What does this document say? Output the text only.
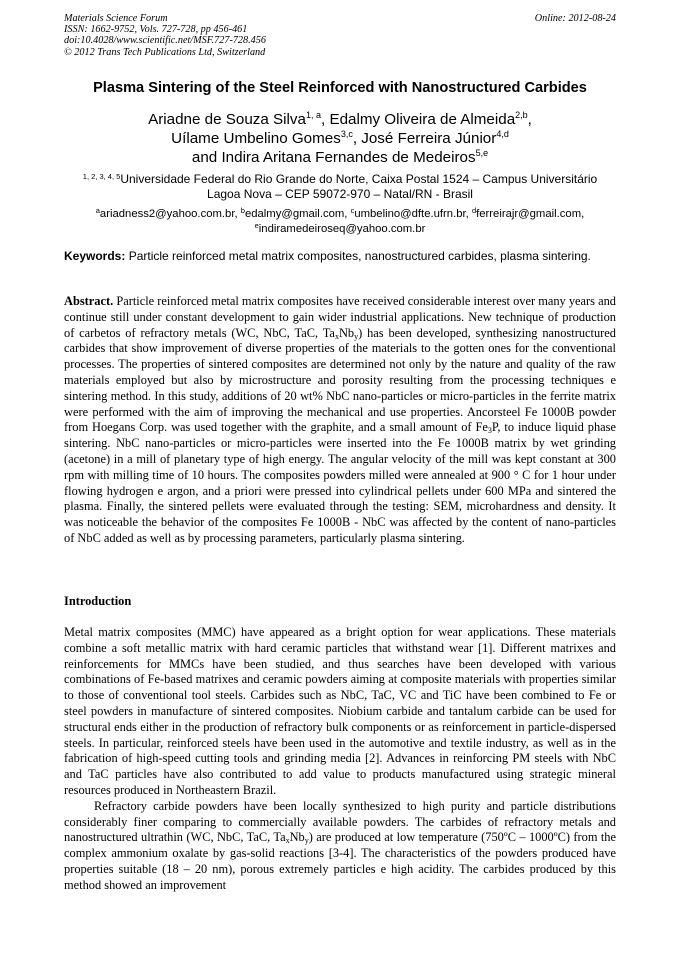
Materials Science Forum
ISSN: 1662-9752, Vols. 727-728, pp 456-461
doi:10.4028/www.scientific.net/MSF.727-728.456
© 2012 Trans Tech Publications Ltd, Switzerland
Online: 2012-08-24
Plasma Sintering of the Steel Reinforced with Nanostructured Carbides
Ariadne de Souza Silva$^{1, a}$, Edalmy Oliveira de Almeida$^{2,b}$,
Uílame Umbelino Gomes$^{3,c}$, José Ferreira Júnior$^{4,d}$
and Indira Aritana Fernandes de Medeiros$^{5,e}$
$^{1, 2, 3, 4, 5}$Universidade Federal do Rio Grande do Norte, Caixa Postal 1524 – Campus Universitário
Lagoa Nova – CEP 59072-970 – Natal/RN - Brasil
$^a$ariadness2@yahoo.com.br, $^b$edalmy@gmail.com, $^c$umbelino@dfte.ufrn.br, $^d$ferreirajr@gmail.com,
$^e$indiramedeiroseq@yahoo.com.br
Keywords: Particle reinforced metal matrix composites, nanostructured carbides, plasma sintering.
Abstract. Particle reinforced metal matrix composites have received considerable interest over many years and continue still under constant development to gain wider industrial applications. New technique of production of carbetos of refractory metals (WC, NbC, TaC, $Ta_xNb_y$) has been developed, synthesizing nanostructured carbides that show improvement of diverse properties of the materials to the gotten ones for the conventional processes. The properties of sintered composites are determined not only by the nature and quality of the raw materials employed but also by microstructure and porosity resulting from the processing techniques e sintering method. In this study, additions of 20 wt% NbC nano-particles or micro-particles in the ferrite matrix were performed with the aim of improving the mechanical and use properties. Ancorsteel Fe 1000B powder from Hoegans Corp. was used together with the graphite, and a small amount of $Fe_3P$, to induce liquid phase sintering. NbC nano-particles or micro-particles were inserted into the Fe 1000B matrix by wet grinding (acetone) in a mill of planetary type of high energy. The angular velocity of the mill was kept constant at 300 rpm with milling time of 10 hours. The composites powders milled were annealed at 900 ° C for 1 hour under flowing hydrogen e argon, and a priori were pressed into cylindrical pellets under 600 MPa and sintered the plasma. Finally, the sintered pellets were evaluated through the testing: SEM, microhardness and density. It was noticeable the behavior of the composites Fe 1000B - NbC was affected by the content of nano-particles of NbC added as well as by processing parameters, particularly plasma sintering.
Introduction

Metal matrix composites (MMC) have appeared as a bright option for wear applications. These materials combine a soft metallic matrix with hard ceramic particles that withstand wear [1]. Different matrixes and reinforcements for MMCs have been studied, and thus searches have been developed with various combinations of Fe-based matrixes and ceramic powders aiming at composite materials with properties similar to those of conventional tool steels. Carbides such as NbC, TaC, VC and TiC have been combined to Fe or steel powders in manufacture of sintered composites. Niobium carbide and tantalum carbide can be used for structural ends either in the production of refractory bulk components or as reinforcement in particle-dispersed steels. In particular, reinforced steels have been used in the automotive and textile industry, as well as in the fabrication of high-speed cutting tools and grinding media [2]. Advances in reinforcing PM steels with NbC and TaC particles have also contributed to add value to products manufactured using strategic mineral resources produced in Northeastern Brazil.

Refractory carbide powders have been locally synthesized to high purity and particle distributions considerably finer comparing to commercially available powders. The carbides of refractory metals and nanostructured ultrathin (WC, NbC, TaC, $Ta_xNb_y$) are produced at low temperature (750ºC – 1000ºC) from the complex ammonium oxalate by gas-solid reactions [3-4]. The characteristics of the powders produced have properties suitable (18 – 20 nm), porous extremely particles e high acidity. The carbides produced by this method showed an improvement
